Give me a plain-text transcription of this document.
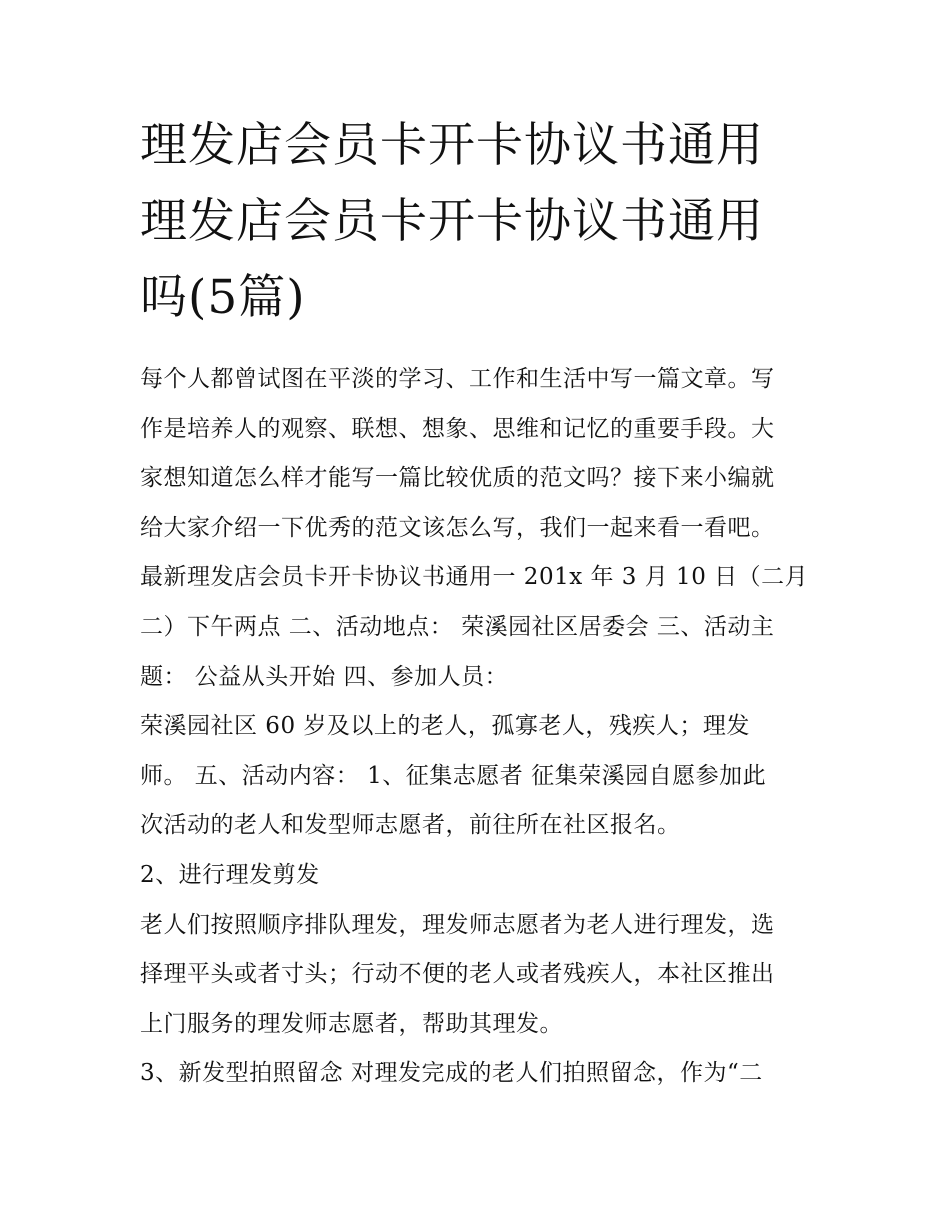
理发店会员卡开卡协议书通用
理发店会员卡开卡协议书通用
吗(5篇)
每个人都曾试图在平淡的学习、工作和生活中写一篇文章。写
作是培养人的观察、联想、想象、思维和记忆的重要手段。大
家想知道怎么样才能写一篇比较优质的范文吗？接下来小编就
给大家介绍一下优秀的范文该怎么写，我们一起来看一看吧。
最新理发店会员卡开卡协议书通用一 201x 年 3 月 10 日（二月
二）下午两点 二、活动地点： 荣溪园社区居委会 三、活动主
题： 公益从头开始 四、参加人员：
荣溪园社区 60 岁及以上的老人，孤寡老人，残疾人；理发
师。 五、活动内容： 1、征集志愿者 征集荣溪园自愿参加此
次活动的老人和发型师志愿者，前往所在社区报名。
2、进行理发剪发
老人们按照顺序排队理发，理发师志愿者为老人进行理发，选
择理平头或者寸头；行动不便的老人或者残疾人，本社区推出
上门服务的理发师志愿者，帮助其理发。
3、新发型拍照留念 对理发完成的老人们拍照留念，作为“二
